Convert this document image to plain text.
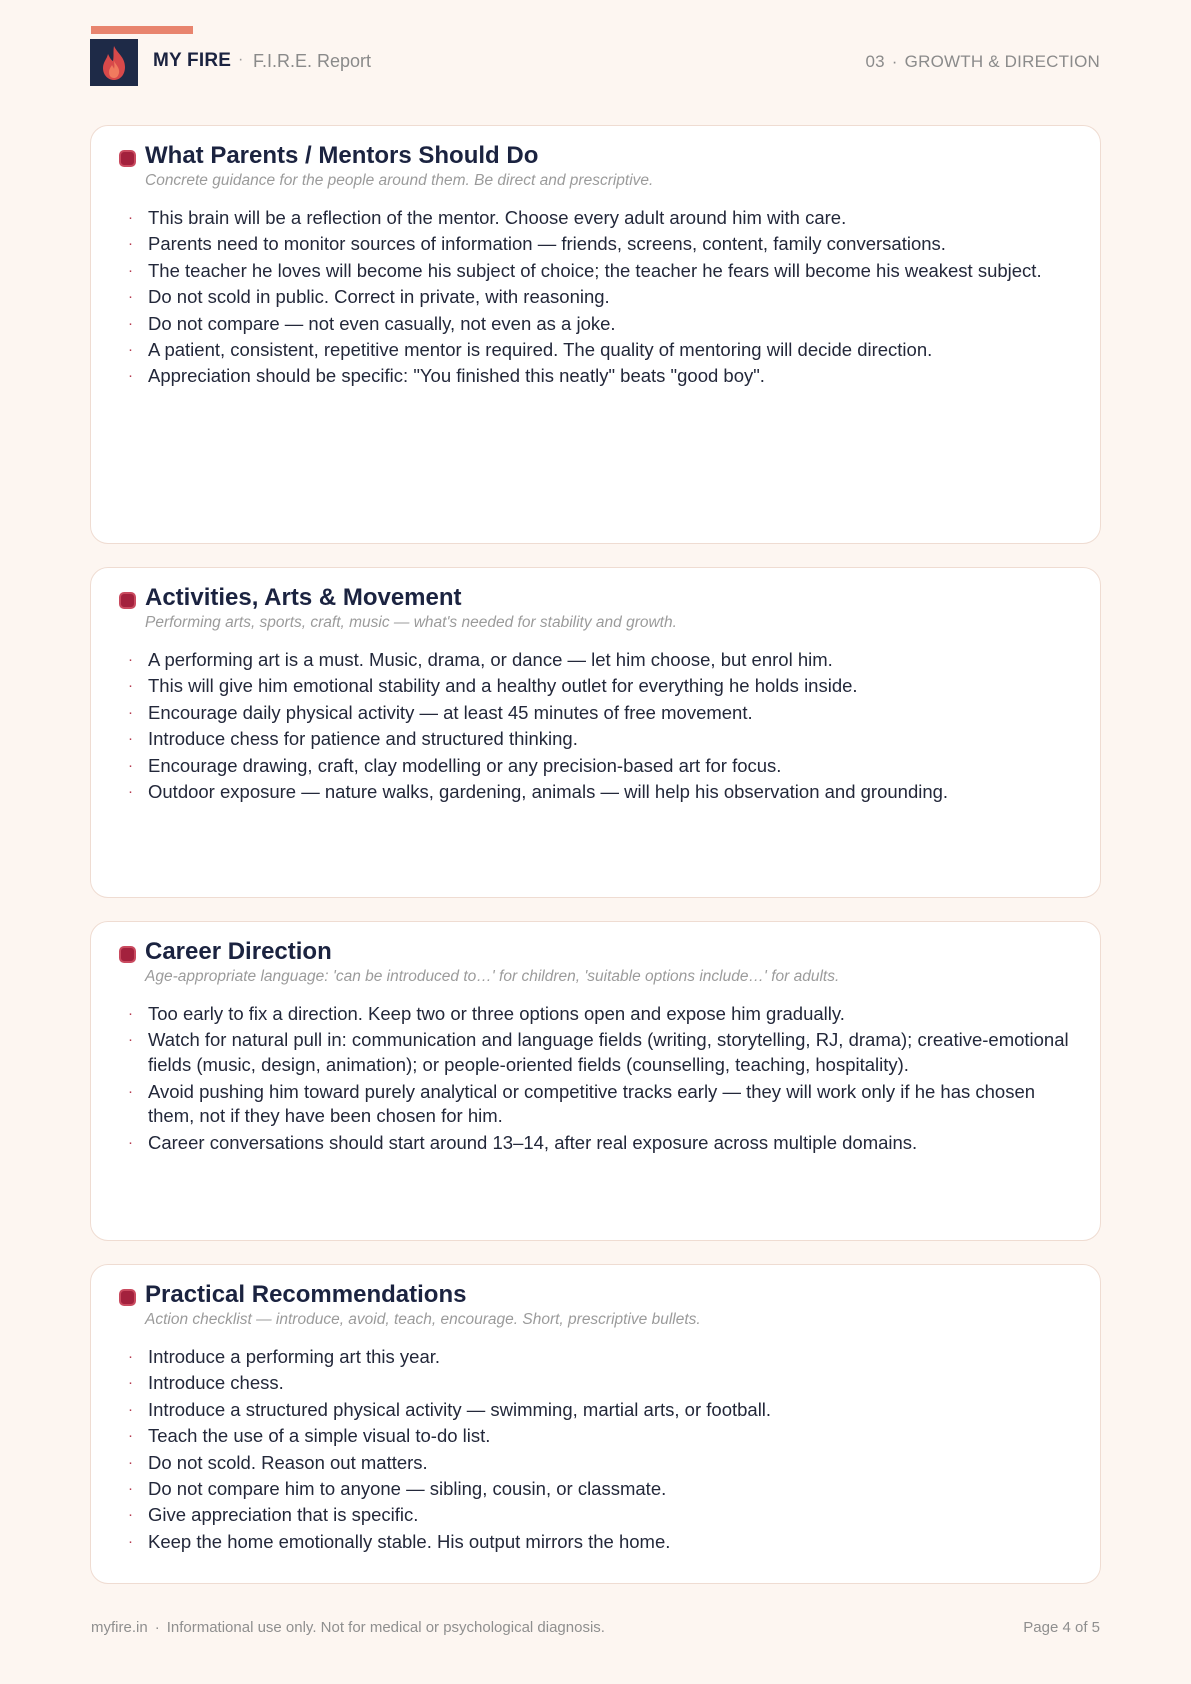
MY FIRE · F.I.R.E. Report	03 · GROWTH & DIRECTION
What Parents / Mentors Should Do
Concrete guidance for the people around them. Be direct and prescriptive.
· This brain will be a reflection of the mentor. Choose every adult around him with care.
· Parents need to monitor sources of information — friends, screens, content, family conversations.
· The teacher he loves will become his subject of choice; the teacher he fears will become his weakest subject.
· Do not scold in public. Correct in private, with reasoning.
· Do not compare — not even casually, not even as a joke.
· A patient, consistent, repetitive mentor is required. The quality of mentoring will decide direction.
· Appreciation should be specific: "You finished this neatly" beats "good boy".
Activities, Arts & Movement
Performing arts, sports, craft, music — what's needed for stability and growth.
· A performing art is a must. Music, drama, or dance — let him choose, but enrol him.
· This will give him emotional stability and a healthy outlet for everything he holds inside.
· Encourage daily physical activity — at least 45 minutes of free movement.
· Introduce chess for patience and structured thinking.
· Encourage drawing, craft, clay modelling or any precision-based art for focus.
· Outdoor exposure — nature walks, gardening, animals — will help his observation and grounding.
Career Direction
Age-appropriate language: 'can be introduced to…' for children, 'suitable options include…' for adults.
· Too early to fix a direction. Keep two or three options open and expose him gradually.
· Watch for natural pull in: communication and language fields (writing, storytelling, RJ, drama); creative-emotional fields (music, design, animation); or people-oriented fields (counselling, teaching, hospitality).
· Avoid pushing him toward purely analytical or competitive tracks early — they will work only if he has chosen them, not if they have been chosen for him.
· Career conversations should start around 13–14, after real exposure across multiple domains.
Practical Recommendations
Action checklist — introduce, avoid, teach, encourage. Short, prescriptive bullets.
· Introduce a performing art this year.
· Introduce chess.
· Introduce a structured physical activity — swimming, martial arts, or football.
· Teach the use of a simple visual to-do list.
· Do not scold. Reason out matters.
· Do not compare him to anyone — sibling, cousin, or classmate.
· Give appreciation that is specific.
· Keep the home emotionally stable. His output mirrors the home.
myfire.in · Informational use only. Not for medical or psychological diagnosis.	Page 4 of 5
